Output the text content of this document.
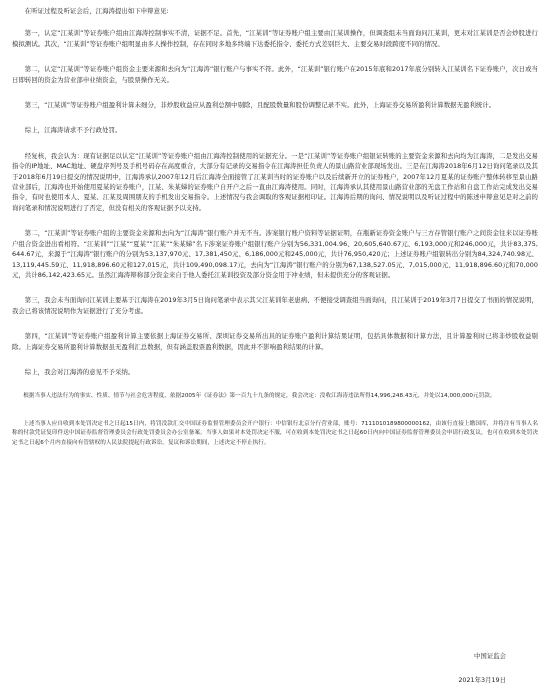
在听证过程及听证会后，江海涛提出如下申辩意见:

第一，认定“江某训”等证券账户组由江海涛控制事实不清，证据不足。首先，“江某训”等证券账户组主要由江某训操作，但调查组未当面询问江某训，更未对江某训是否会炒股进行模拟测试。其次，“江某训”等证券账户组明显由多人操作控制，存在同时多地多终端下达委托指令、委托方式差别巨大、主要交易时段跨度不同的情况。

第二，认定“江某训”等证券账户组资金主要来源和去向为“江海涛”银行账户与事实不符。此外，“江某训”银行账户在2015年底和2017年底分别转入江某训名下证券账户，次日或当日即转回的资金为营业部申业绩资金，与股票操作无关。

第三，“江某训”等证券账户组盈利计算未细分，非炒股收益应从盈利总额中剔除，且配股数量和股份调整记录不实。此外，上海证券交易所盈利计算数据无盈利统计。

综上，江海涛请求不予行政处罚。

经复核，我会认为：现有证据足以认定“江某训”等证券账户组由江海涛控制使用的证据充分。一是“江某训”等证券账户组银证转账的主要资金来源和去向均为江海涛，二是发出交易指令的IP地址、MAC地址、硬盘序列号及手机号码存在高度重合，大部分有记录的交易指令在江海涛担任负责人的景山路营业部现场发出。三是在江海涛2018年6月12日询问笔录以及其于2018年6月19日提交的情况说明中，江海涛承认2007年12月后江海涛全面接管了江某训当时的证券账户以及后续新开立的证券账户，2007年12月夏某的证券账户整体转移至景山路营业部后，江海涛也开始使用夏某的证券账户，江某、朱某娣的证券账户自开户之后一直由江海涛使用。同时，江海涛承认其使用景山路营业部的无盘工作站和自盘工作站完成发出交易指令，有时也使用本人、夏某、江某及周围朋友的手机发出交易指令。上述情况与我会调取的客观证据相印证。江海涛后期的询问、情况说明以及听证过程中的陈述申辩意见是对之前的询问笔录和情况说明进行了否定，但没有相关的客观证据予以支持。

第二，“江某训”等证券账户组的主要资金来源和去向为“江海涛”银行账户并无不当。涉案银行账户资料等证据证明，在瓶新证券资金账户与三方存管银行账户之间资金往来以证券账户组合资金进出看相符。“江某训”“江某”“夏某”“江某”“朱某娣”名下涉案证券账户组银行账户分别为56,331,004.96、20,605,640.67元、6,193,000元和246,000元，共计83,375,644.67元，来源于“江海涛”银行账户的分别为53,137,970元、17,381,450元、6,186,000元和245,000元，共计76,950,420元；上述证券账户组银转出分别为84,324,740.98元、13,119,445.59元、11,918,896.60元和127,015元，共计109,490,098.17元，去向为“江海涛”银行账户的分别为67,138,527.05元、7,015,000元、11,918,896.60元和70,000元，共计86,142,423.65元。虽然江海涛辩称部分资金来自于他人委托江某训投资及部分资金用于冲业绩，但未提供充分的客观证据。

第三，我会未当面询问江某训主要基于江海涛在2019年3月5日询问笔录中表示其父江某训年老患病、不便接受调查组当面询问，且江某训于2019年3月7日提交了书面的情况说明，我会已将该情况说明作为证据进行了充分考虑。

第四，“江某训”等证券账户组盈利计算主要依据上海证券交易所、深圳证券交易所出具的证券账户盈利计算结果证明，包括具体数据和计算方法，且计算盈利时已将非炒股收益剔除。上海证券交易所盈利计算数据虽无盈利汇总数据，但有涵盖股票盈利数据，因此并不影响盈利结果的计算。

综上，我会对江海涛的意见不予采纳。

根据当事人违法行为的事实、性质、情节与社会危害程度，依据2005年《证券法》第一百九十九条的规定，我会决定：没收江海涛违法所得14,996,248.43元，并处以14,000,000元罚款。

上述当事人应自收到本处罚决定书之日起15日内，将罚没款汇交中国证券监督管理委员会开户银行：中信银行北京分行营业部，账号：7111010189800000162，由该行直接上缴国库，并将注有当事人名称的付款凭证复印件送中国证券监督管理委员会行政处罚委员会办公室备案。当事人如果对本处罚决定不服，可在收到本处罚决定书之日起60日内向中国证券监督管理委员会申请行政复议，也可在收到本处罚决定书之日起6个月内直接向有管辖权的人民法院提起行政诉讼。复议和诉讼期间，上述决定不停止执行。

中国证监会

2021年3月19日
